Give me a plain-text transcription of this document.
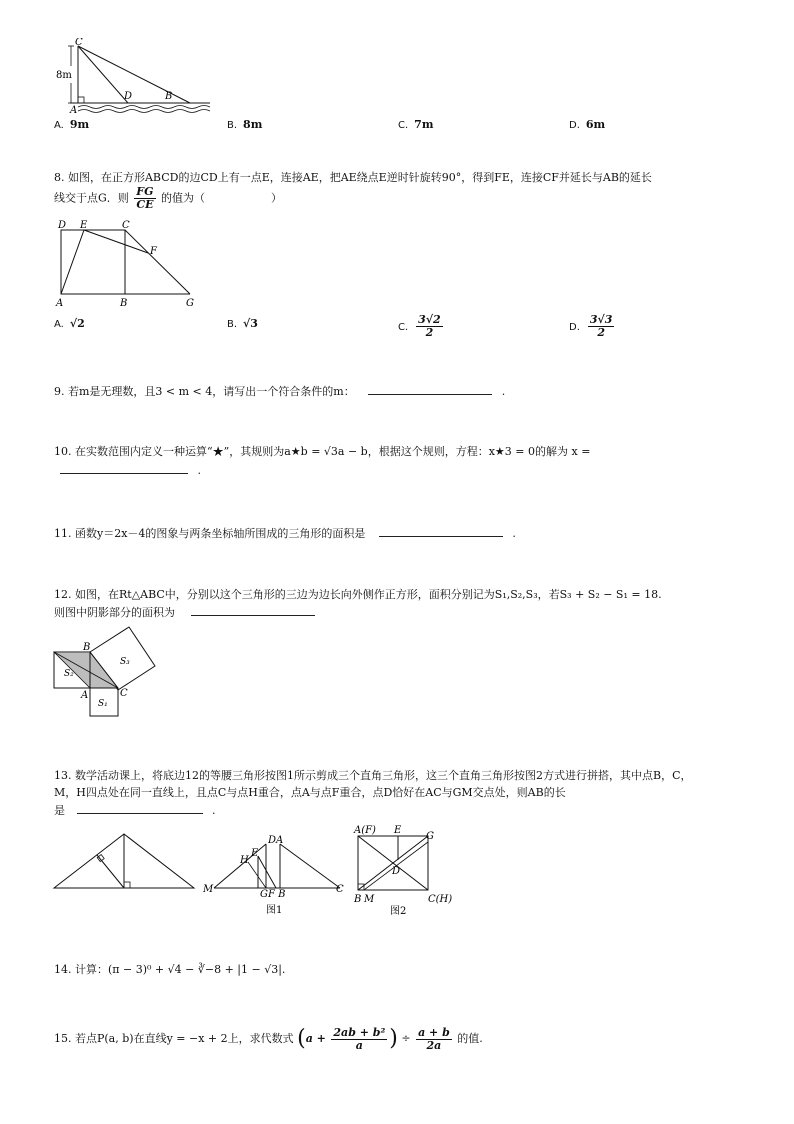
8m
C
A
D	B
A. 9m	B. 8m	C. 7m	D. 6m
8. 如图，在正方形ABCD的边CD上有一点E，连接AE，把AE绕点E逆时针旋转90°，得到FE，连接CF并延长与AB的延长
线交于点G．则 $\frac{FG}{CE}$ 的值为（　　　　　　）
D E	C
F
A	B	G
A. √2	B. √3	C. $\frac{3√2}{2}$	D. $\frac{3√3}{2}$
9. 若m是无理数，且3 < m < 4，请写出一个符合条件的m：	.
10. 在实数范围内定义一种运算“★”，其规则为a★b = √3a − b，根据这个规则，方程：x★3 = 0的解为 x =
.
11. 函数y＝2x－4的图象与两条坐标轴所围成的三角形的面积是	.
12. 如图，在Rt△ABC中，分别以这个三角形的三边为边长向外侧作正方形，面积分别记为S₁,S₂,S₃，若S₃ + S₂ − S₁ = 18.
则图中阴影部分的面积为
B
A	C
S₁
S₂
S₃
13. 数学活动课上，将底边12的等腰三角形按图1所示剪成三个直角三角形，这三个直角三角形按图2方式进行拼搭，其中点B，C，
M，H四点处在同一直线上，且点C与点H重合，点A与点F重合，点D恰好在AC与GM交点处，则AB的长
是	.
H
E
DA
M	GF B	C
图1
A(F) E
G
D
B M	C(H)
图2
14. 计算：(π − 3)⁰ + √4 − ∛−8 + |1 − √3|.
15. 若点P(a, b)在直线y = −x + 2上，求代数式 ($a + \frac{\text{2ab + b²}}{a}$ ) ÷ $\frac{a + b}{2a}$ 的值.
